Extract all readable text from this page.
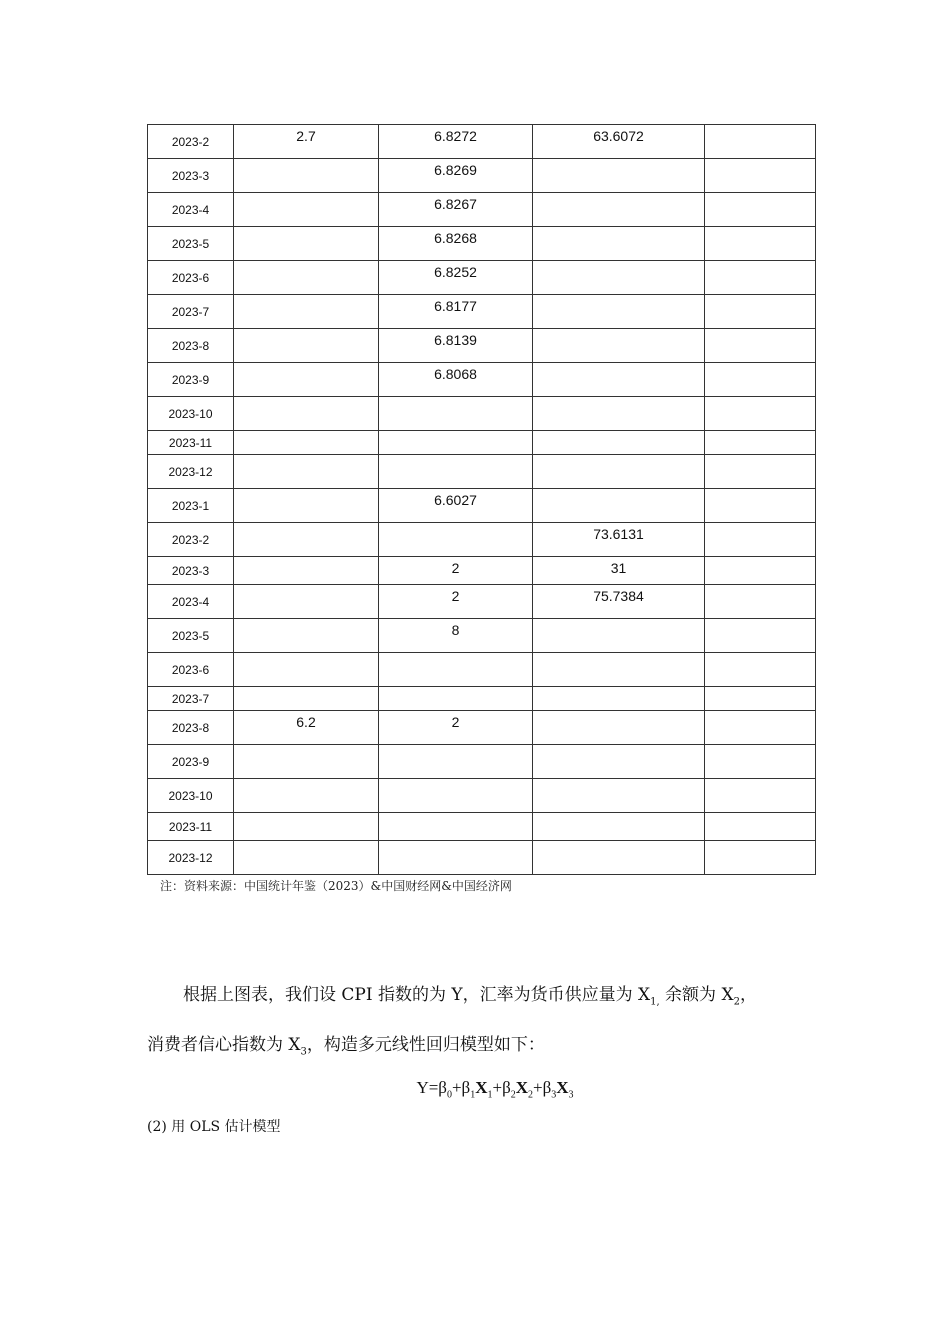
2023-2	2.7	6.8272	63.6072	
2023-3		6.8269		
2023-4		6.8267		
2023-5		6.8268		
2023-6		6.8252		
2023-7		6.8177		
2023-8		6.8139		
2023-9		6.8068		
2023-10				
2023-11				
2023-12				
2023-1		6.6027		
2023-2			73.6131	
2023-3		2	31	
2023-4		2	75.7384	
2023-5		8		
2023-6				
2023-7				
2023-8	6.2	2		
2023-9				
2023-10				
2023-11				
2023-12				
注：资料来源：中国统计年鉴（2023）&中国财经网&中国经济网
根据上图表，我们设 CPI 指数的为 Y，汇率为货币供应量为 $X_{1,}$ 余额为 $X_2$，
消费者信心指数为 $X_3$，构造多元线性回归模型如下：
$Y=\beta_0+\beta_1X_1+\beta_2X_2+\beta_3X_3$
(2) 用 OLS 估计模型
